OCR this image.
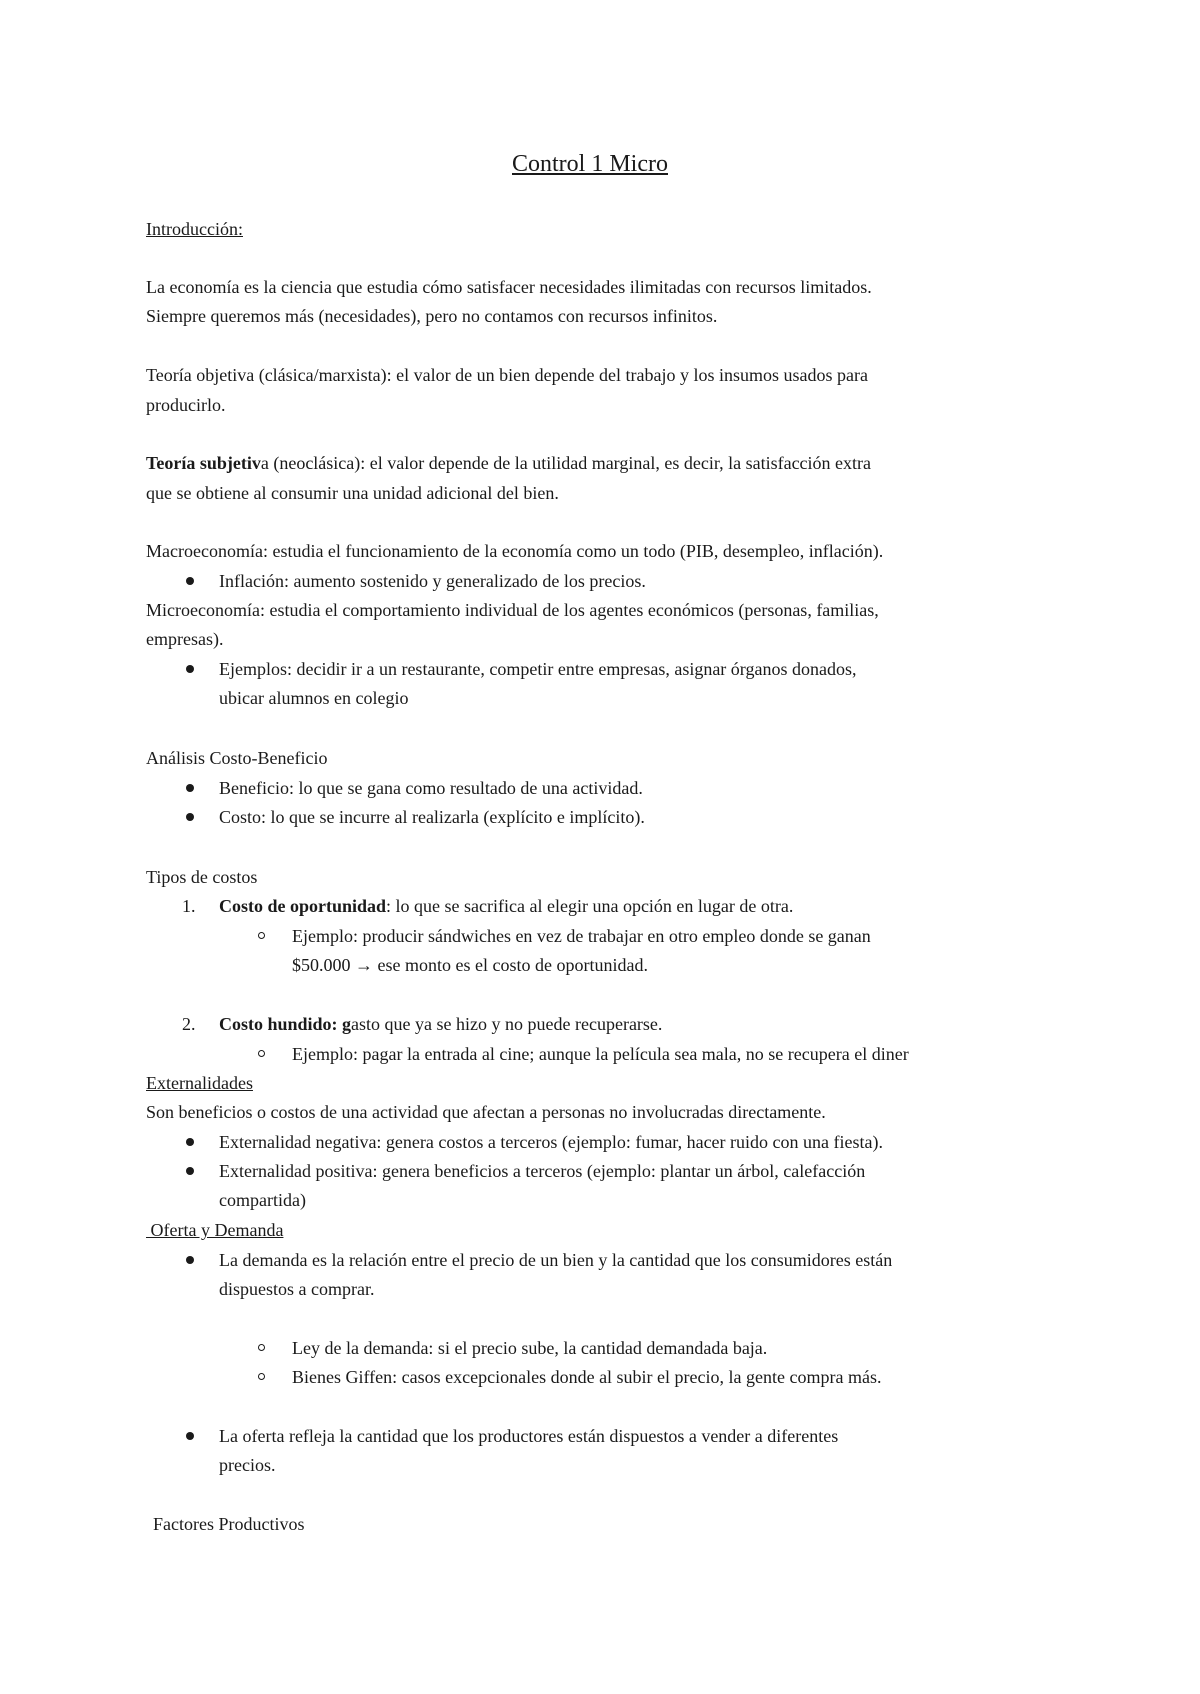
Control 1 Micro
Introducción:
La economía es la ciencia que estudia cómo satisfacer necesidades ilimitadas con recursos limitados.
Siempre queremos más (necesidades), pero no contamos con recursos infinitos.
Teoría objetiva (clásica/marxista): el valor de un bien depende del trabajo y los insumos usados para
producirlo.
Teoría subjetiva (neoclásica): el valor depende de la utilidad marginal, es decir, la satisfacción extra
que se obtiene al consumir una unidad adicional del bien.
Macroeconomía: estudia el funcionamiento de la economía como un todo (PIB, desempleo, inflación).
Inflación: aumento sostenido y generalizado de los precios.
Microeconomía: estudia el comportamiento individual de los agentes económicos (personas, familias,
empresas).
Ejemplos: decidir ir a un restaurante, competir entre empresas, asignar órganos donados,
ubicar alumnos en colegio
Análisis Costo-Beneficio
Beneficio: lo que se gana como resultado de una actividad.
Costo: lo que se incurre al realizarla (explícito e implícito).
Tipos de costos
1. Costo de oportunidad: lo que se sacrifica al elegir una opción en lugar de otra.
Ejemplo: producir sándwiches en vez de trabajar en otro empleo donde se ganan
$50.000 → ese monto es el costo de oportunidad.
2. Costo hundido: gasto que ya se hizo y no puede recuperarse.
Ejemplo: pagar la entrada al cine; aunque la película sea mala, no se recupera el diner
Externalidades
Son beneficios o costos de una actividad que afectan a personas no involucradas directamente.
Externalidad negativa: genera costos a terceros (ejemplo: fumar, hacer ruido con una fiesta).
Externalidad positiva: genera beneficios a terceros (ejemplo: plantar un árbol, calefacción
compartida)
Oferta y Demanda
La demanda es la relación entre el precio de un bien y la cantidad que los consumidores están
dispuestos a comprar.
Ley de la demanda: si el precio sube, la cantidad demandada baja.
Bienes Giffen: casos excepcionales donde al subir el precio, la gente compra más.
La oferta refleja la cantidad que los productores están dispuestos a vender a diferentes
precios.
Factores Productivos
